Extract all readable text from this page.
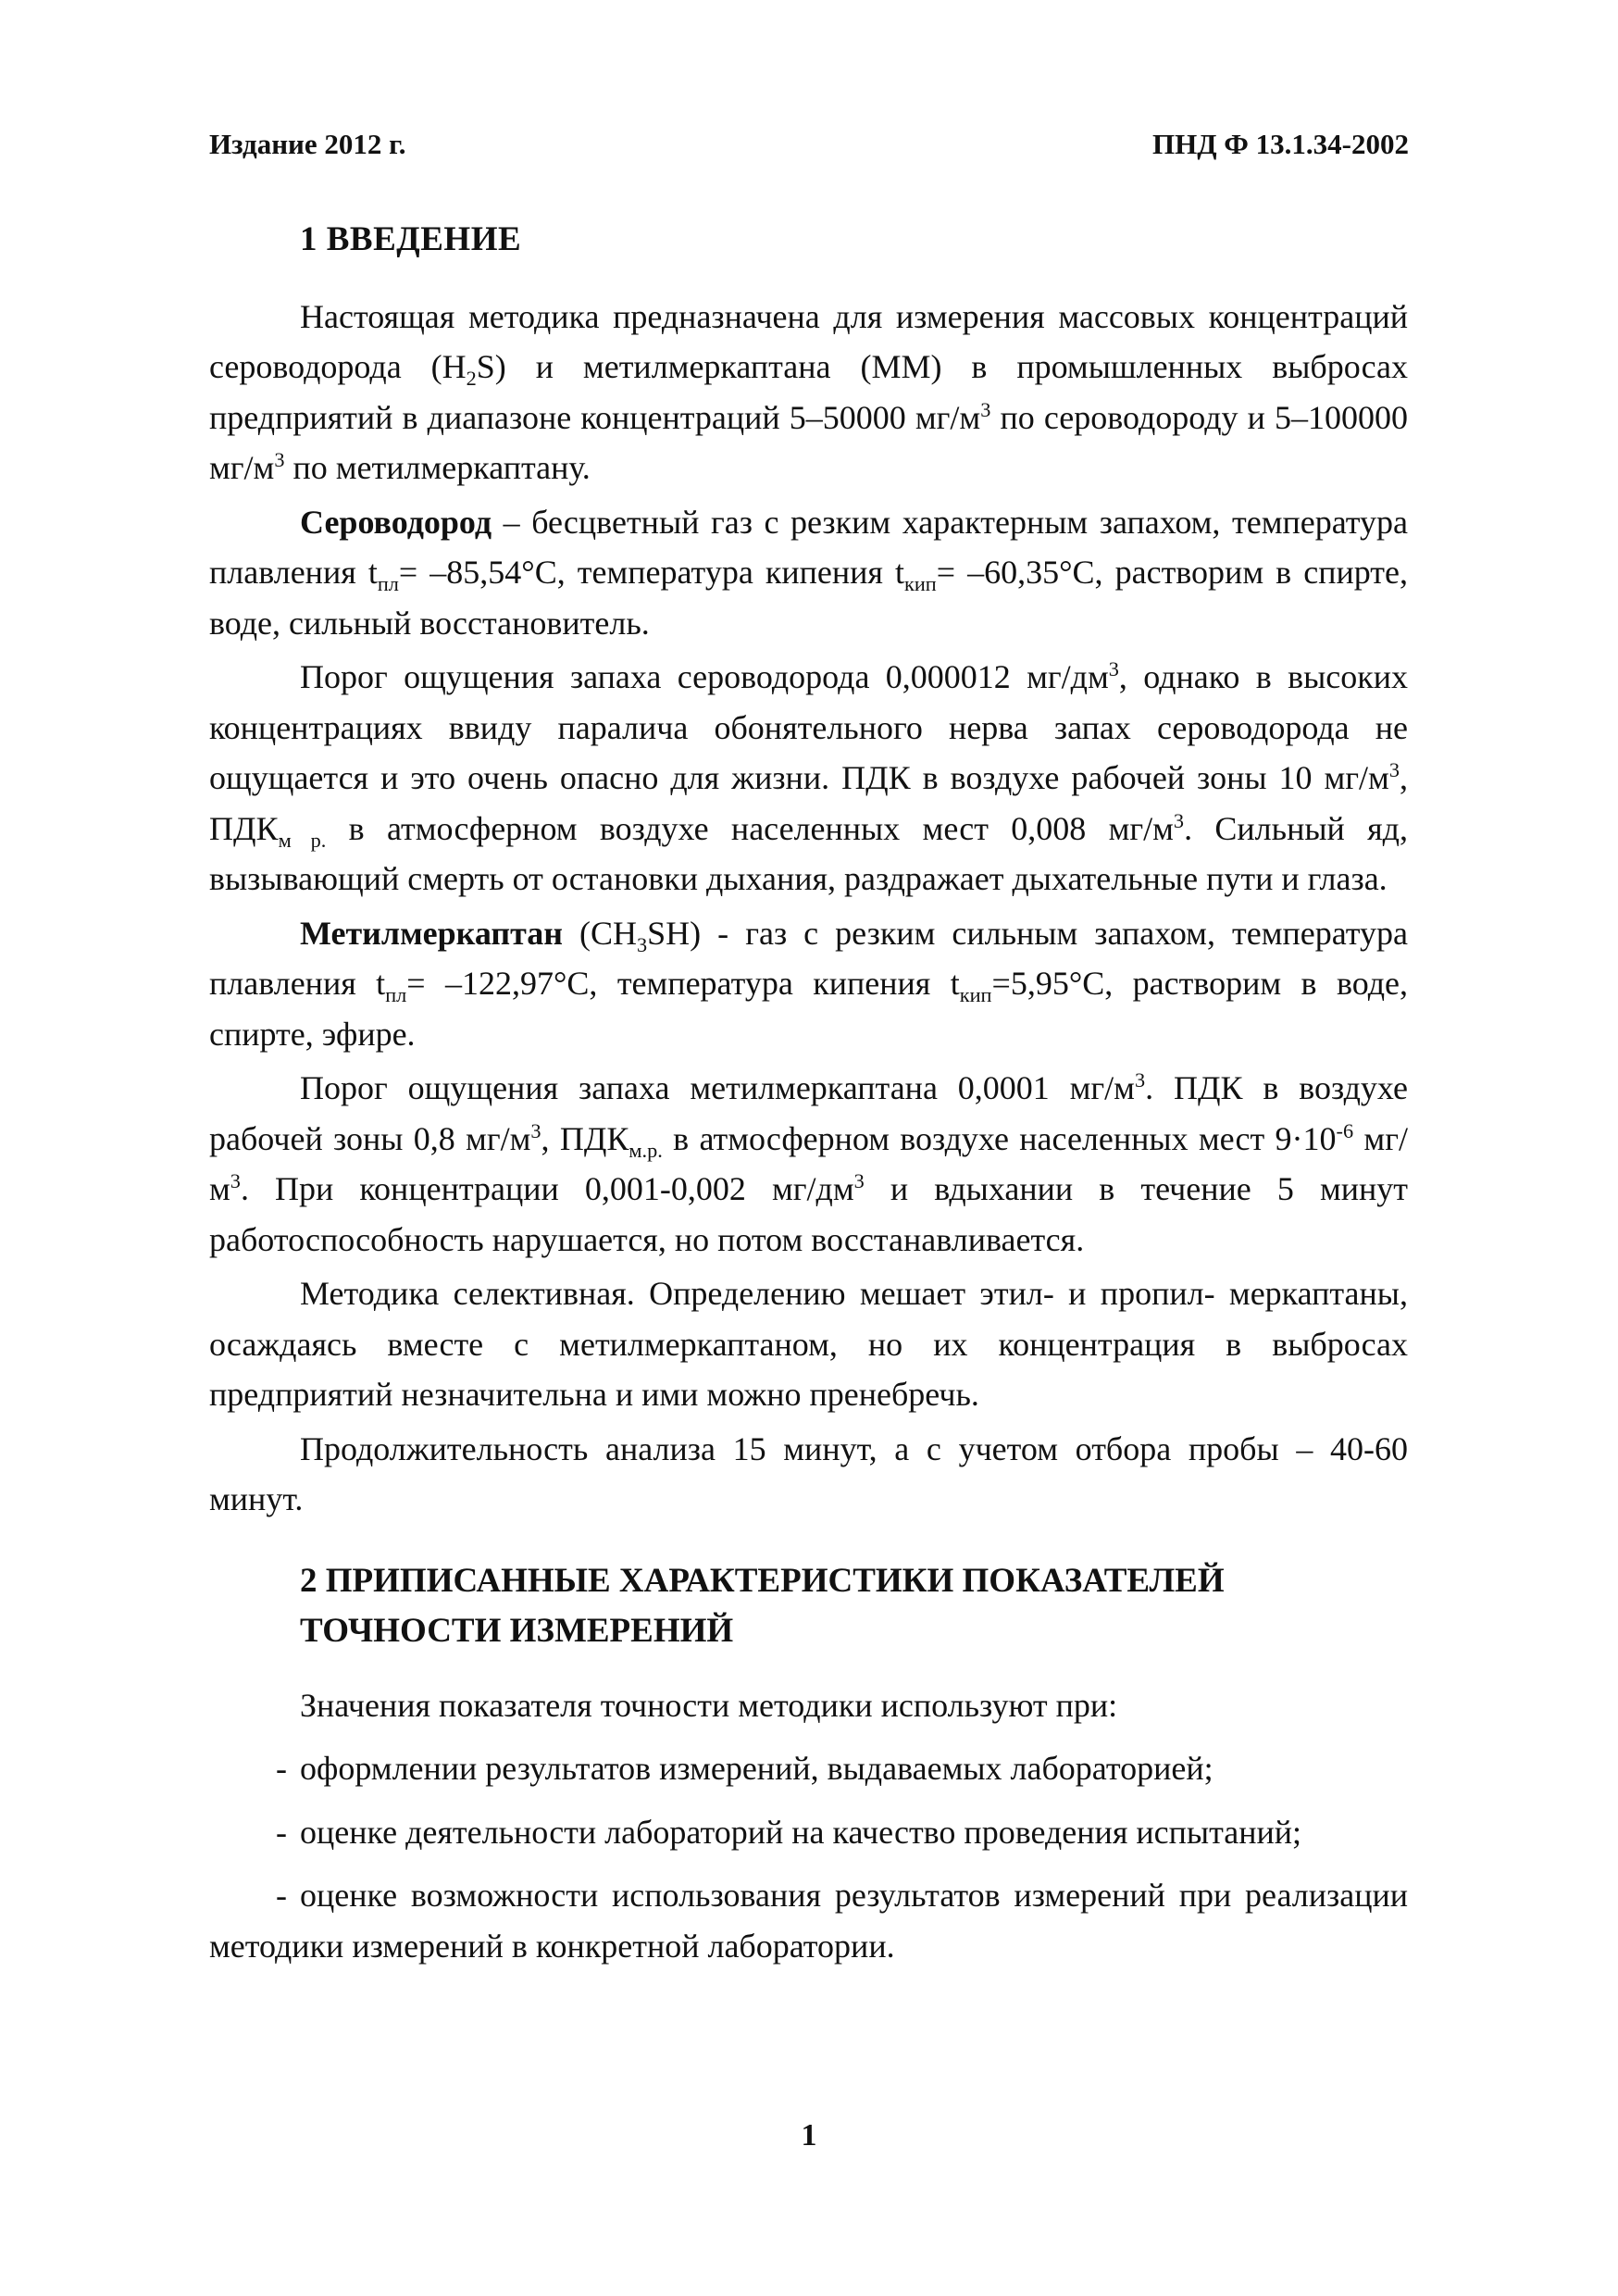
Издание 2012 г.	ПНД Ф 13.1.34-2002
1 ВВЕДЕНИЕ
Настоящая методика предназначена для измерения массовых концентраций сероводорода $(H_2S)$ и метилмеркаптана (ММ) в промышленных выбросах предприятий в диапазоне концентраций 5–50000 $мг/м^3$ по сероводороду и 5–100000 $мг/м^3$ по метилмеркаптану.
Сероводород – бесцветный газ с резким характерным запахом, температура плавления $t_{пл}= -85,54^\circ C$, температура кипения $t_{кип}= -60,35^\circ C$, растворим в спирте, воде, сильный восстановитель.
Порог ощущения запаха сероводорода 0,000012 $мг/дм^3$, однако в высоких концентрациях ввиду паралича обонятельного нерва запах сероводорода не ощущается и это очень опасно для жизни. ПДК в воздухе рабочей зоны 10 $мг/м^3$, $ПДК_{м р.}$ в атмосферном воздухе населенных мест 0,008 $мг/м^3$. Сильный яд, вызывающий смерть от остановки дыхания, раздражает дыхательные пути и глаза.
Метилмеркаптан $(CH_3SH)$ - газ с резким сильным запахом, температура плавления $t_{пл}= -122,97^\circ C$, температура кипения $t_{кип}=5,95^\circ C$, растворим в воде, спирте, эфире.
Порог ощущения запаха метилмеркаптана 0,0001 $мг/м^3$. ПДК в воздухе рабочей зоны 0,8 $мг/м^3$, $ПДК_{м.р.}$ в атмосферном воздухе населенных мест $9\cdot 10^{-6}$ $мг/м^3$. При концентрации 0,001-0,002 $мг/дм^3$ и вдыхании в течение 5 минут работоспособность нарушается, но потом восстанавливается.
Методика селективная. Определению мешает этил- и пропил- меркаптаны, осаждаясь вместе с метилмеркаптаном, но их концентрация в выбросах предприятий незначительна и ими можно пренебречь.
Продолжительность анализа 15 минут, а с учетом отбора пробы – 40-60 минут.
2 ПРИПИСАННЫЕ ХАРАКТЕРИСТИКИ ПОКАЗАТЕЛЕЙ
ТОЧНОСТИ ИЗМЕРЕНИЙ
Значения показателя точности методики используют при:
- оформлении результатов измерений, выдаваемых лабораторией;
- оценке деятельности лабораторий на качество проведения испытаний;
- оценке возможности использования результатов измерений при реализации методики измерений в конкретной лаборатории.
1
